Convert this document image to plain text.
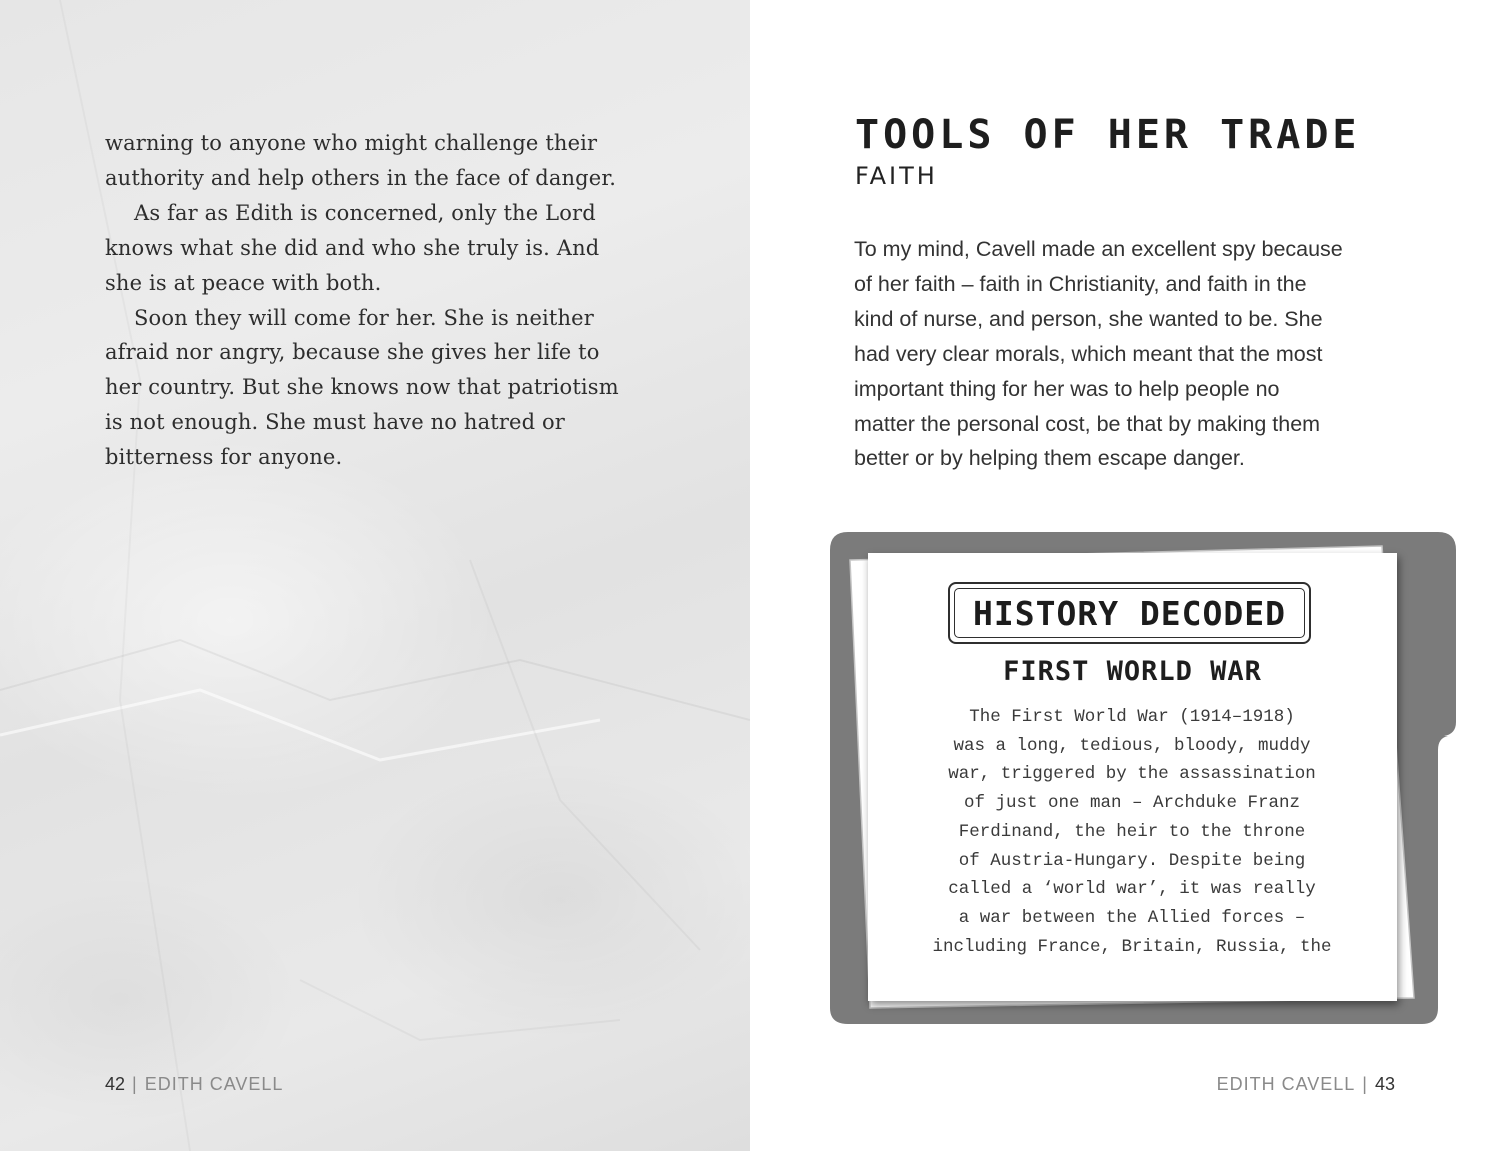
warning to anyone who might challenge their

authority and help others in the face of danger.

As far as Edith is concerned, only the Lord

knows what she did and who she truly is. And

she is at peace with both.

Soon they will come for her. She is neither

afraid nor angry, because she gives her life to

her country. But she knows now that patriotism

is not enough. She must have no hatred or

bitterness for anyone.

42 | EDITH CAVELL
TOOLS OF HER TRADE
FAITH
To my mind, Cavell made an excellent spy because
of her faith – faith in Christianity, and faith in the
kind of nurse, and person, she wanted to be. She
had very clear morals, which meant that the most
important thing for her was to help people no
matter the personal cost, be that by making them
better or by helping them escape danger.
HISTORY DECODED
FIRST WORLD WAR
The First World War (1914–1918)
was a long, tedious, bloody, muddy
war, triggered by the assassination
of just one man – Archduke Franz
Ferdinand, the heir to the throne
of Austria-Hungary. Despite being
called a ‘world war’, it was really
a war between the Allied forces –
including France, Britain, Russia, the
EDITH CAVELL | 43
